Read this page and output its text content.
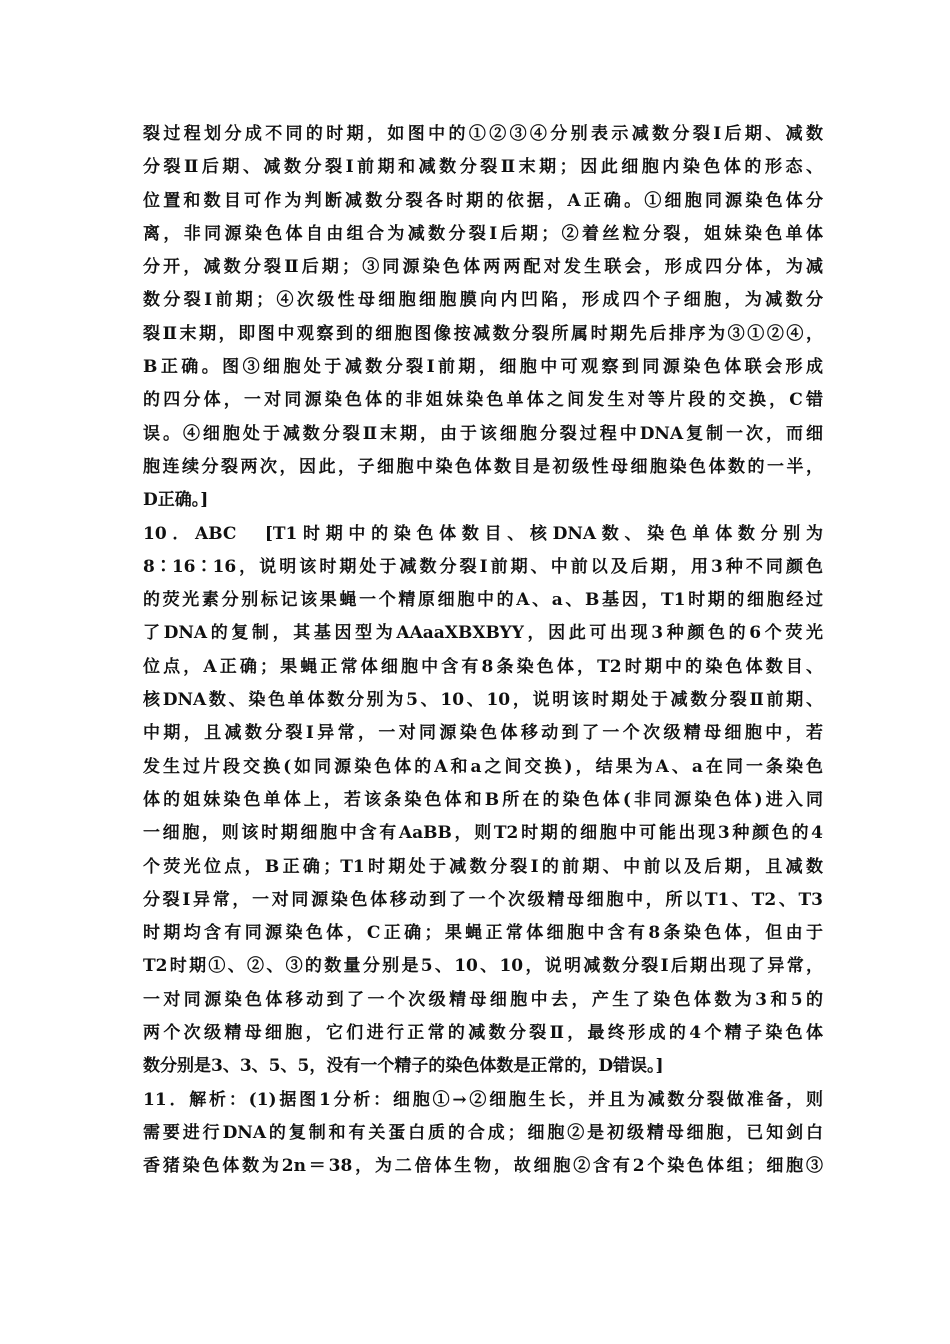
裂过程划分成不同的时期，如图中的①②③④分别表示减数分裂Ⅰ后期、减数
分裂Ⅱ后期、减数分裂Ⅰ前期和减数分裂Ⅱ末期；因此细胞内染色体的形态、
位置和数目可作为判断减数分裂各时期的依据，A正确。①细胞同源染色体分
离，非同源染色体自由组合为减数分裂Ⅰ后期；②着丝粒分裂，姐妹染色单体
分开，减数分裂Ⅱ后期；③同源染色体两两配对发生联会，形成四分体，为减
数分裂Ⅰ前期；④次级性母细胞细胞膜向内凹陷，形成四个子细胞，为减数分
裂Ⅱ末期，即图中观察到的细胞图像按减数分裂所属时期先后排序为③①②④，
B正确。图③细胞处于减数分裂Ⅰ前期，细胞中可观察到同源染色体联会形成
的四分体，一对同源染色体的非姐妹染色单体之间发生对等片段的交换，C错
误。④细胞处于减数分裂Ⅱ末期，由于该细胞分裂过程中DNA复制一次，而细
胞连续分裂两次，因此，子细胞中染色体数目是初级性母细胞染色体数的一半，
D正确。]
10．ABC　[T1时期中的染色体数目、核DNA数、染色单体数分别为
8∶16∶16，说明该时期处于减数分裂Ⅰ前期、中前以及后期，用3种不同颜色
的荧光素分别标记该果蝇一个精原细胞中的A、a、B基因，T1时期的细胞经过
了DNA的复制，其基因型为AAaaXBXBYY，因此可出现3种颜色的6个荧光
位点，A正确；果蝇正常体细胞中含有8条染色体，T2时期中的染色体数目、
核DNA数、染色单体数分别为5、10、10，说明该时期处于减数分裂Ⅱ前期、
中期，且减数分裂Ⅰ异常，一对同源染色体移动到了一个次级精母细胞中，若
发生过片段交换(如同源染色体的A和a之间交换)，结果为A、a在同一条染色
体的姐妹染色单体上，若该条染色体和B所在的染色体(非同源染色体)进入同
一细胞，则该时期细胞中含有AaBB，则T2时期的细胞中可能出现3种颜色的4
个荧光位点，B正确；T1时期处于减数分裂Ⅰ的前期、中前以及后期，且减数
分裂Ⅰ异常，一对同源染色体移动到了一个次级精母细胞中，所以T1、T2、T3
时期均含有同源染色体，C正确；果蝇正常体细胞中含有8条染色体，但由于
T2时期①、②、③的数量分别是5、10、10，说明减数分裂Ⅰ后期出现了异常，
一对同源染色体移动到了一个次级精母细胞中去，产生了染色体数为3和5的
两个次级精母细胞，它们进行正常的减数分裂Ⅱ，最终形成的4个精子染色体
数分别是3、3、5、5，没有一个精子的染色体数是正常的，D错误。]
11．解析：(1)据图1分析：细胞①→②细胞生长，并且为减数分裂做准备，则
需要进行DNA的复制和有关蛋白质的合成；细胞②是初级精母细胞，已知剑白
香猪染色体数为2n＝38，为二倍体生物，故细胞②含有2个染色体组；细胞③
